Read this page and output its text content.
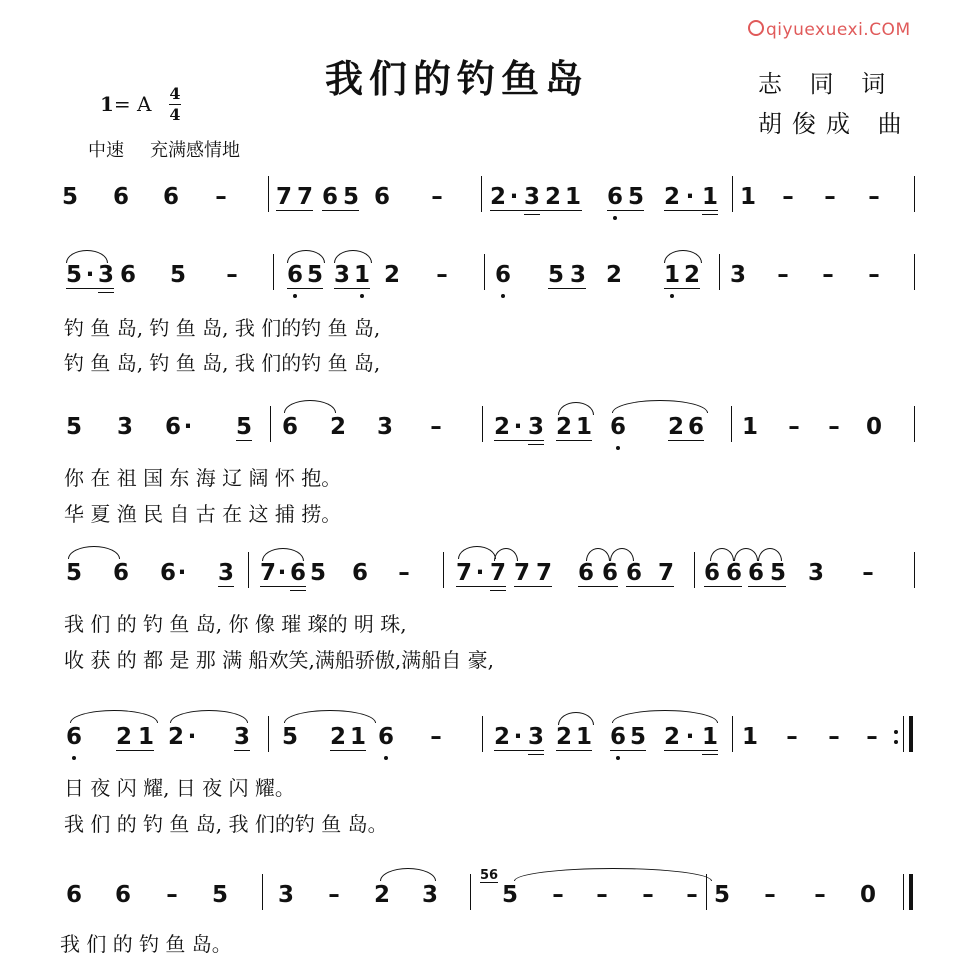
qiyuexuexi.COM
我们的钓鱼岛	志 同 词
胡俊成 曲
1= A 4
4
中速 充满感情地
5 6 6 – 7 7 6 5 6 – 2 · 3 2 1 6 5 2 · 1 1 – – –
5 · 3 6 5 – 6 5 3 1 2 – 6 5 3 2 1 2 3 – – –
钓 鱼 岛, 钓 鱼 岛, 我 们的钓 鱼 岛,
钓 鱼 岛, 钓 鱼 岛, 我 们的钓 鱼 岛,
5 3 6 · 5 6 2 3 – 2 · 3 2 1 6 2 6 1 – – 0
你 在 祖 国 东 海 辽 阔 怀 抱。
华 夏 渔 民 自 古 在 这 捕 捞。
5 6 6 · 3 7 · 6 5 6 – 7 · 7 7 7 6 6 6 7 6 6 6 5 3 –
我 们 的 钓 鱼 岛, 你 像 璀 璨的 明 珠,
收 获 的 都 是 那 满 船欢笑,满船骄傲,满船自 豪,
6 2 1 2 · 3 5 2 1 6 – 2 · 3 2 1 6 5 2 · 1 1 – – –
日 夜 闪 耀, 日 夜 闪 耀。
我 们 的 钓 鱼 岛, 我 们的钓 鱼 岛。
6 6 – 5 3 – 2 3
56
5 – – – – 5 – – 0
我 们 的 钓 鱼 岛。
